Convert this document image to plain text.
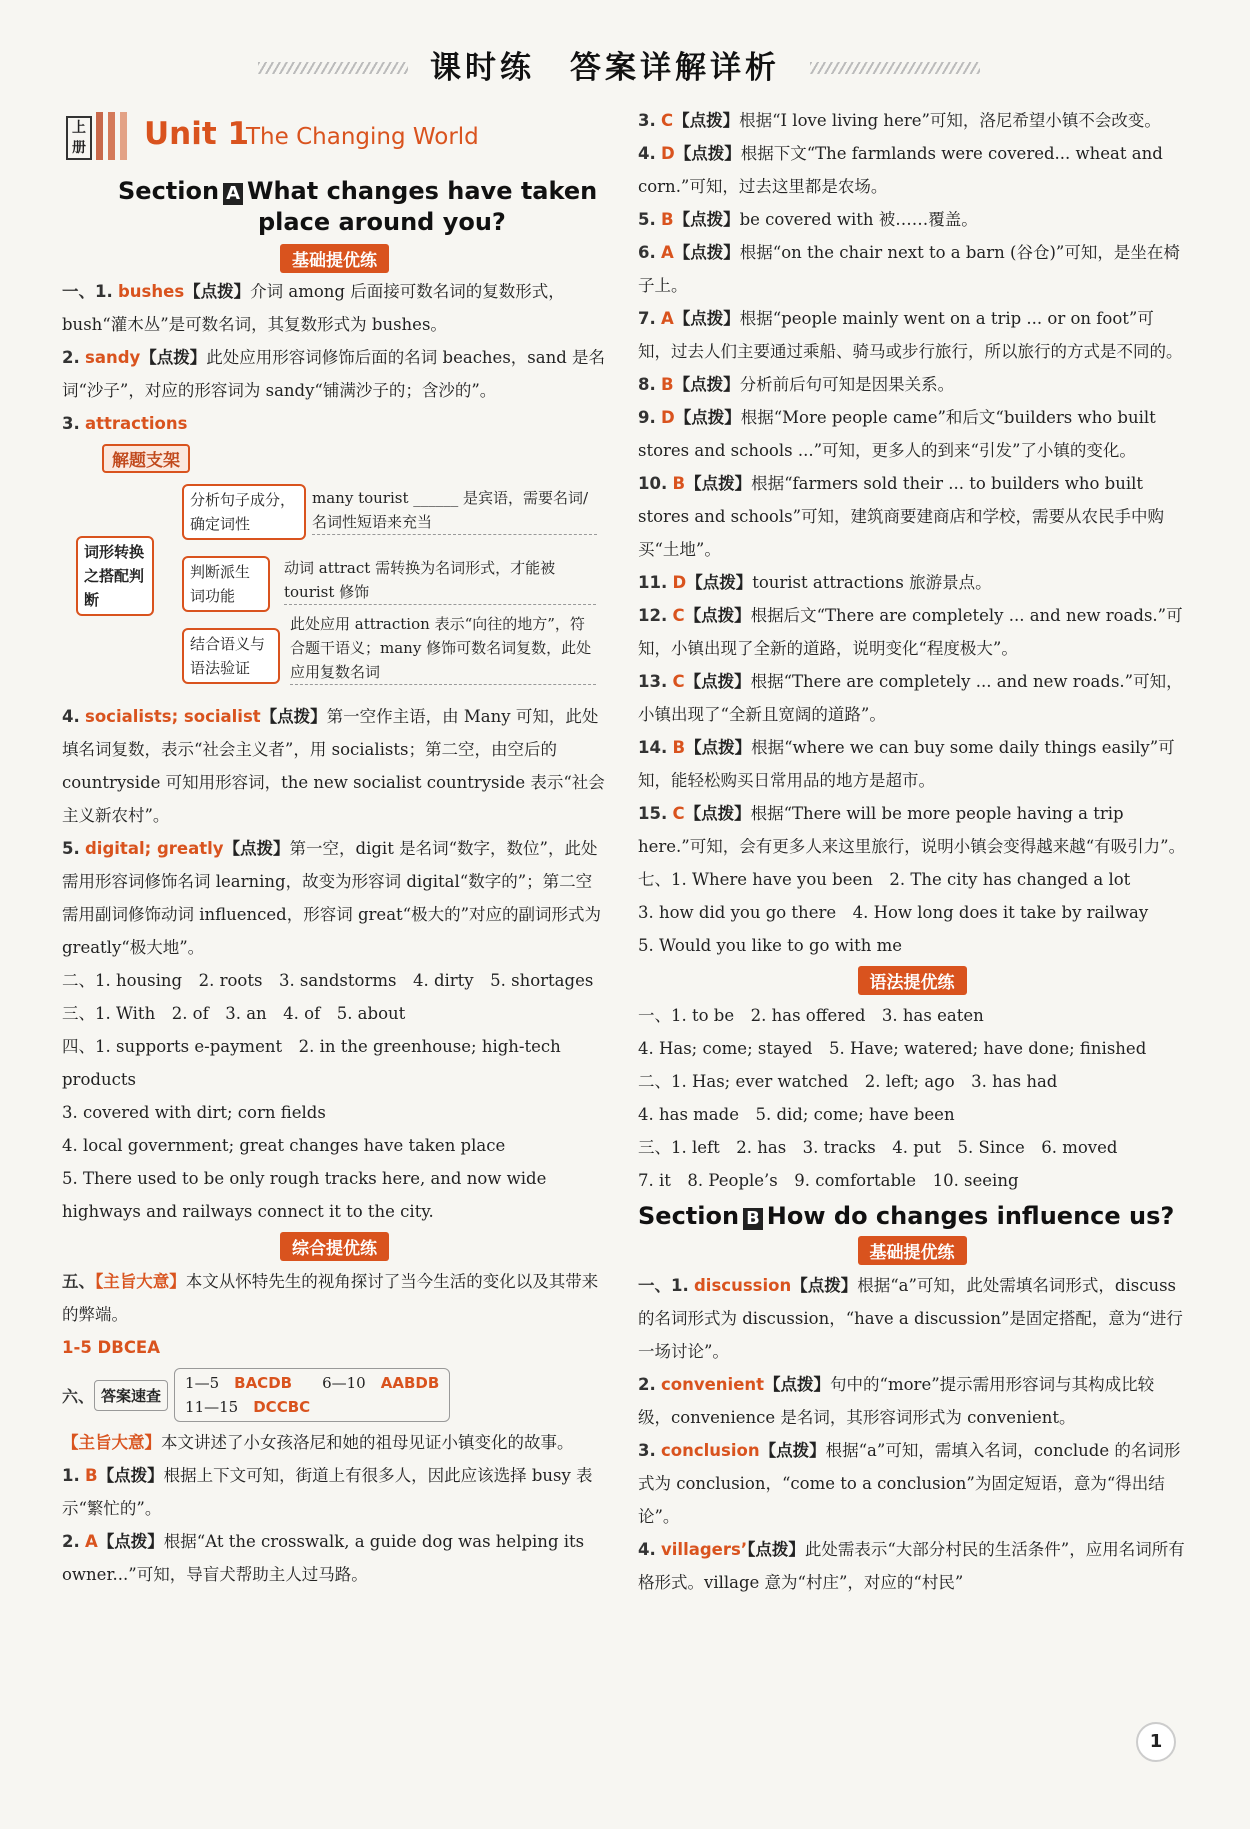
课时练　答案详解详析
上册 Unit 1
The Changing World
Section A What changes have taken
place around you?
基础提优练

一、1. bushes【点拨】介词 among 后面接可数名词的复数形式，bush“灌木丛”是可数名词，其复数形式为 bushes。

2. sandy【点拨】此处应用形容词修饰后面的名词 beaches，sand 是名词“沙子”，对应的形容词为 sandy“铺满沙子的；含沙的”。

3. attractions

解题支架
词形转换之搭配判断
分析句子成分，确定词性
many tourist ______ 是宾语，需要名词/名词性短语来充当
判断派生词功能
动词 attract 需转换为名词形式，才能被 tourist 修饰
结合语义与语法验证
此处应用 attraction 表示“向往的地方”，符合题干语义；many 修饰可数名词复数，此处应用复数名词

4. socialists; socialist【点拨】第一空作主语，由 Many 可知，此处填名词复数，表示“社会主义者”，用 socialists；第二空，由空后的 countryside 可知用形容词，the new socialist countryside 表示“社会主义新农村”。

5. digital; greatly【点拨】第一空，digit 是名词“数字，数位”，此处需用形容词修饰名词 learning，故变为形容词 digital“数字的”；第二空需用副词修饰动词 influenced，形容词 great“极大的”对应的副词形式为 greatly“极大地”。

二、1. housing　2. roots　3. sandstorms　4. dirty　5. shortages

三、1. With　2. of　3. an　4. of　5. about

四、1. supports e-payment　2. in the greenhouse; high-tech products

3. covered with dirt; corn fields

4. local government; great changes have taken place

5. There used to be only rough tracks here, and now wide highways and railways connect it to the city.

综合提优练

五、【主旨大意】本文从怀特先生的视角探讨了当今生活的变化以及其带来的弊端。

1-5 DBCEA

六、 答案速查
1—5　 BACDB　　 6—10　 AABDB
11—15　 DCCBC

【主旨大意】本文讲述了小女孩洛尼和她的祖母见证小镇变化的故事。

1. B【点拨】根据上下文可知，街道上有很多人，因此应该选择 busy 表示“繁忙的”。

2. A【点拨】根据“At the crosswalk, a guide dog was helping its owner...”可知，导盲犬帮助主人过马路。

3. C【点拨】根据“I love living here”可知，洛尼希望小镇不会改变。

4. D【点拨】根据下文“The farmlands were covered... wheat and corn.”可知，过去这里都是农场。

5. B【点拨】be covered with 被……覆盖。

6. A【点拨】根据“on the chair next to a barn (谷仓)”可知，是坐在椅子上。

7. A【点拨】根据“people mainly went on a trip ... or on foot”可知，过去人们主要通过乘船、骑马或步行旅行，所以旅行的方式是不同的。

8. B【点拨】分析前后句可知是因果关系。

9. D【点拨】根据“More people came”和后文“builders who built stores and schools ...”可知，更多人的到来“引发”了小镇的变化。

10. B【点拨】根据“farmers sold their ... to builders who built stores and schools”可知，建筑商要建商店和学校，需要从农民手中购买“土地”。

11. D【点拨】tourist attractions 旅游景点。

12. C【点拨】根据后文“There are completely ... and new roads.”可知，小镇出现了全新的道路，说明变化“程度极大”。

13. C【点拨】根据“There are completely ... and new roads.”可知，小镇出现了“全新且宽阔的道路”。

14. B【点拨】根据“where we can buy some daily things easily”可知，能轻松购买日常用品的地方是超市。

15. C【点拨】根据“There will be more people having a trip here.”可知，会有更多人来这里旅行，说明小镇会变得越来越“有吸引力”。

七、1. Where have you been　2. The city has changed a lot

3. how did you go there　4. How long does it take by railway

5. Would you like to go with me

语法提优练

一、1. to be　2. has offered　3. has eaten

4. Has; come; stayed　5. Have; watered; have done; finished

二、1. Has; ever watched　2. left; ago　3. has had

4. has made　5. did; come; have been

三、1. left　2. has　3. tracks　4. put　5. Since　6. moved

7. it　8. People’s　9. comfortable　10. seeing

Section B How do changes influence us?
基础提优练

一、1. discussion【点拨】根据“a”可知，此处需填名词形式，discuss 的名词形式为 discussion，“have a discussion”是固定搭配，意为“进行一场讨论”。

2. convenient【点拨】句中的“more”提示需用形容词与其构成比较级，convenience 是名词，其形容词形式为 convenient。

3. conclusion【点拨】根据“a”可知，需填入名词，conclude 的名词形式为 conclusion，“come to a conclusion”为固定短语，意为“得出结论”。

4. villagers’【点拨】此处需表示“大部分村民的生活条件”，应用名词所有格形式。village 意为“村庄”，对应的“村民”

1
